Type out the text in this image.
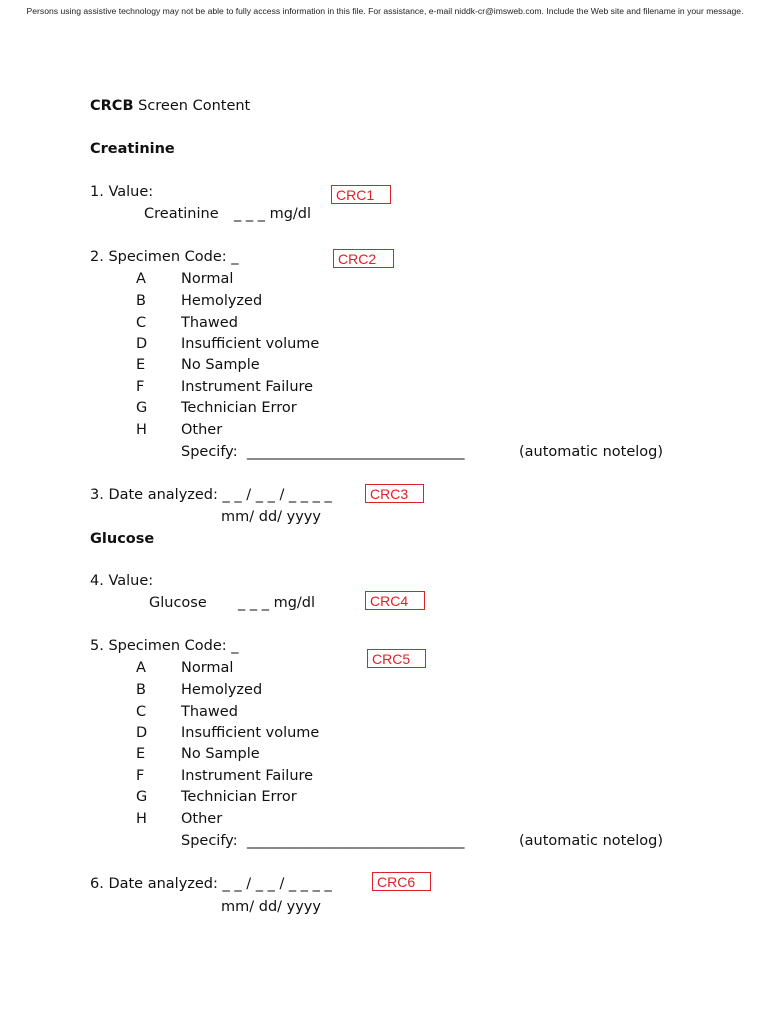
Persons using assistive technology may not be able to fully access information in this file. For assistance, e-mail niddk-cr@imsweb.com. Include the Web site and filename in your message.
CRCB Screen Content
Creatinine
1. Value:
Creatinine _ _ _ mg/dl
CRC1
2. Specimen Code: _	CRC2
A Normal
B Hemolyzed
C Thawed
D Insufficient volume
E No Sample
F	Instrument Failure
G Technician Error
H Other
Specify: ______________________________	(automatic notelog)
3. Date analyzed: _ _ / _ _ / _ _ _ _
mm/ dd/ yyyy
CRC3
Glucose
4. Value:
Glucose _ _ _ mg/dl	CRC4
5. Specimen Code: _
CRC5
A Normal
B Hemolyzed
C Thawed
D Insufficient volume
E No Sample
F	Instrument Failure
G Technician Error
H Other
Specify: ______________________________	(automatic notelog)
6. Date analyzed: _ _ / _ _ / _ _ _ _
mm/ dd/ yyyy
CRC6
